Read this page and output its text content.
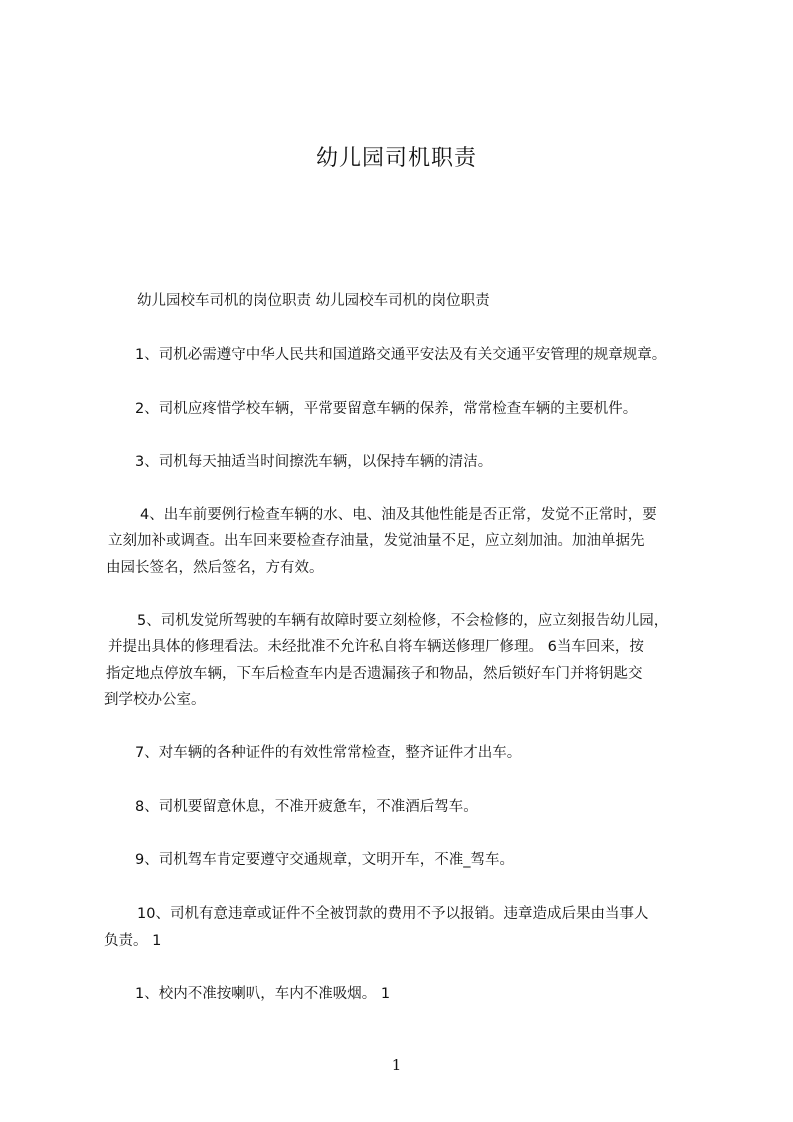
幼儿园司机职责
幼儿园校车司机的岗位职责 幼儿园校车司机的岗位职责
1、司机必需遵守中华人民共和国道路交通平安法及有关交通平安管理的规章规章。
2、司机应疼惜学校车辆，平常要留意车辆的保养，常常检查车辆的主要机件。
3、司机每天抽适当时间擦洗车辆，以保持车辆的清洁。
4、出车前要例行检查车辆的水、电、油及其他性能是否正常，发觉不正常时，要
立刻加补或调查。出车回来要检查存油量，发觉油量不足，应立刻加油。加油单据先
由园长签名，然后签名，方有效。
5、司机发觉所驾驶的车辆有故障时要立刻检修，不会检修的，应立刻报告幼儿园，
并提出具体的修理看法。未经批准不允许私自将车辆送修理厂修理。 6当车回来，按
指定地点停放车辆，下车后检查车内是否遗漏孩子和物品，然后锁好车门并将钥匙交
到学校办公室。
7、对车辆的各种证件的有效性常常检查，整齐证件才出车。
8、司机要留意休息，不准开疲惫车，不准酒后驾车。
9、司机驾车肯定要遵守交通规章，文明开车，不准_驾车。
10、司机有意违章或证件不全被罚款的费用不予以报销。违章造成后果由当事人
负责。 1
1、校内不准按喇叭，车内不准吸烟。 1
1
